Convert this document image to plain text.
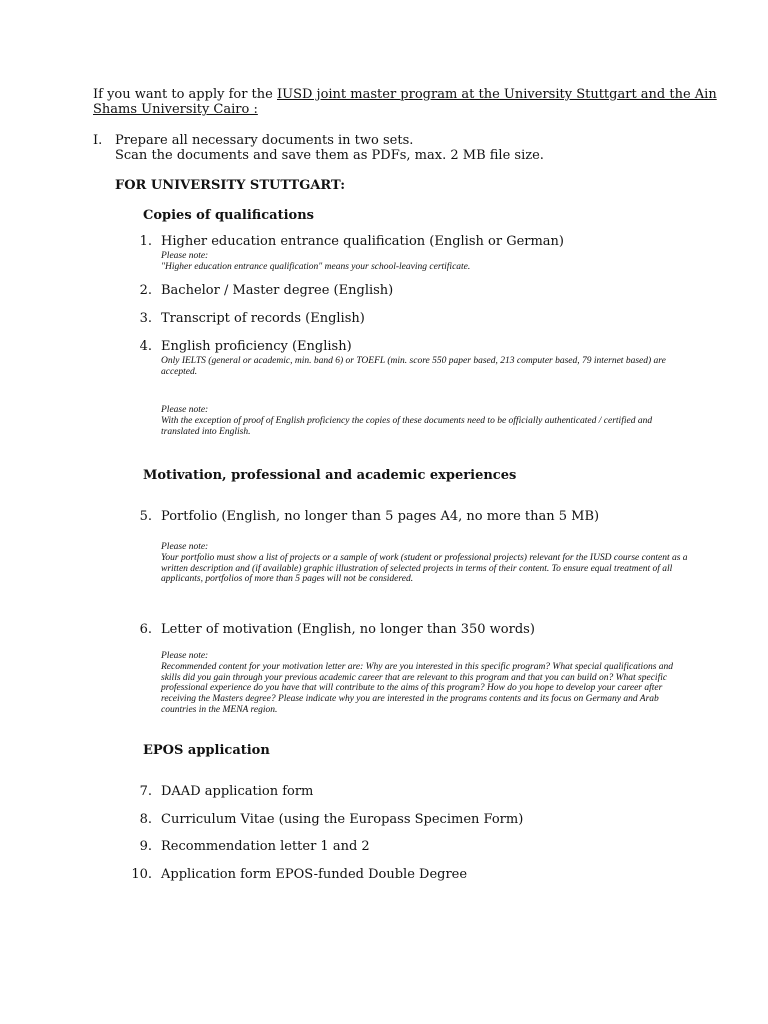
If you want to apply for the IUSD joint master program at the University Stuttgart and the Ain
Shams University Cairo :
I. Prepare all necessary documents in two sets.
Scan the documents and save them as PDFs, max. 2 MB file size.
FOR UNIVERSITY STUTTGART:
Copies of qualifications
1. Higher education entrance qualification (English or German)
Please note:
"Higher education entrance qualification" means your school-leaving certificate.
2. Bachelor / Master degree (English)
3. Transcript of records (English)
4. English proficiency (English)
Only IELTS (general or academic, min. band 6) or TOEFL (min. score 550 paper based, 213 computer based, 79 internet based) are accepted.
Please note:
With the exception of proof of English proficiency the copies of these documents need to be officially authenticated / certified and translated into English.
Motivation, professional and academic experiences
5. Portfolio (English, no longer than 5 pages A4, no more than 5 MB)
Please note:
Your portfolio must show a list of projects or a sample of work (student or professional projects) relevant for the IUSD course content as a written description and (if available) graphic illustration of selected projects in terms of their content. To ensure equal treatment of all applicants, portfolios of more than 5 pages will not be considered.
6. Letter of motivation (English, no longer than 350 words)
Please note:
Recommended content for your motivation letter are: Why are you interested in this specific program? What special qualifications and skills did you gain through your previous academic career that are relevant to this program and that you can build on? What specific professional experience do you have that will contribute to the aims of this program? How do you hope to develop your career after receiving the Masters degree? Please indicate why you are interested in the programs contents and its focus on Germany and Arab countries in the MENA region.
EPOS application
7. DAAD application form
8. Curriculum Vitae (using the Europass Specimen Form)
9. Recommendation letter 1 and 2
10. Application form EPOS-funded Double Degree
